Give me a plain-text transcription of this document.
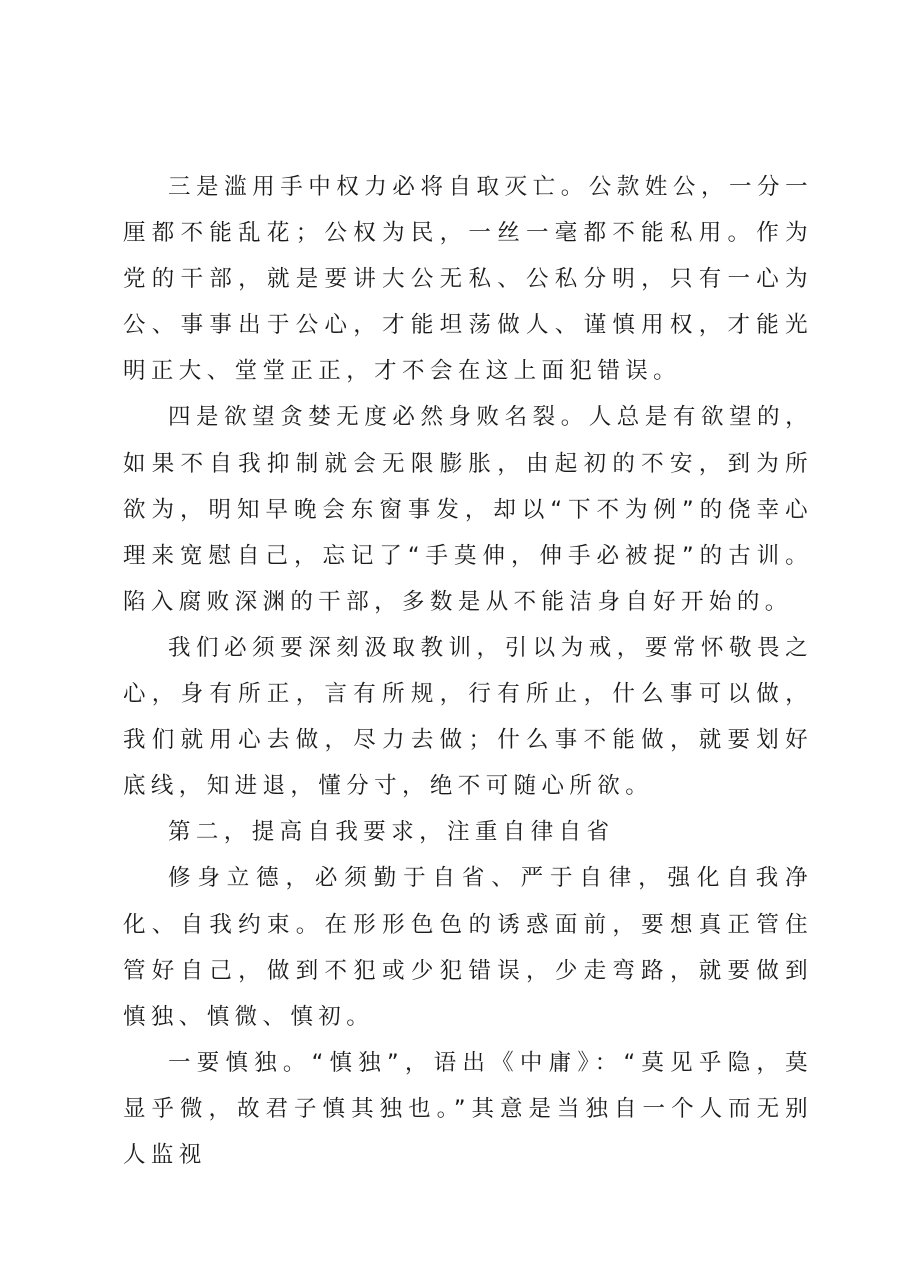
三是滥用手中权力必将自取灭亡。公款姓公，一分一厘都不能乱花；公权为民，一丝一毫都不能私用。作为党的干部，就是要讲大公无私、公私分明，只有一心为公、事事出于公心，才能坦荡做人、谨慎用权，才能光明正大、堂堂正正，才不会在这上面犯错误。

四是欲望贪婪无度必然身败名裂。人总是有欲望的，如果不自我抑制就会无限膨胀，由起初的不安，到为所欲为，明知早晚会东窗事发，却以“下不为例”的侥幸心理来宽慰自己，忘记了“手莫伸，伸手必被捉”的古训。陷入腐败深渊的干部，多数是从不能洁身自好开始的。

我们必须要深刻汲取教训，引以为戒，要常怀敬畏之心，身有所正，言有所规，行有所止，什么事可以做，我们就用心去做，尽力去做；什么事不能做，就要划好底线，知进退，懂分寸，绝不可随心所欲。

第二，提高自我要求，注重自律自省

修身立德，必须勤于自省、严于自律，强化自我净化、自我约束。在形形色色的诱惑面前，要想真正管住管好自己，做到不犯或少犯错误，少走弯路，就要做到慎独、慎微、慎初。

一要慎独。“慎独”，语出《中庸》：“莫见乎隐，莫显乎微，故君子慎其独也。”其意是当独自一个人而无别人监视
